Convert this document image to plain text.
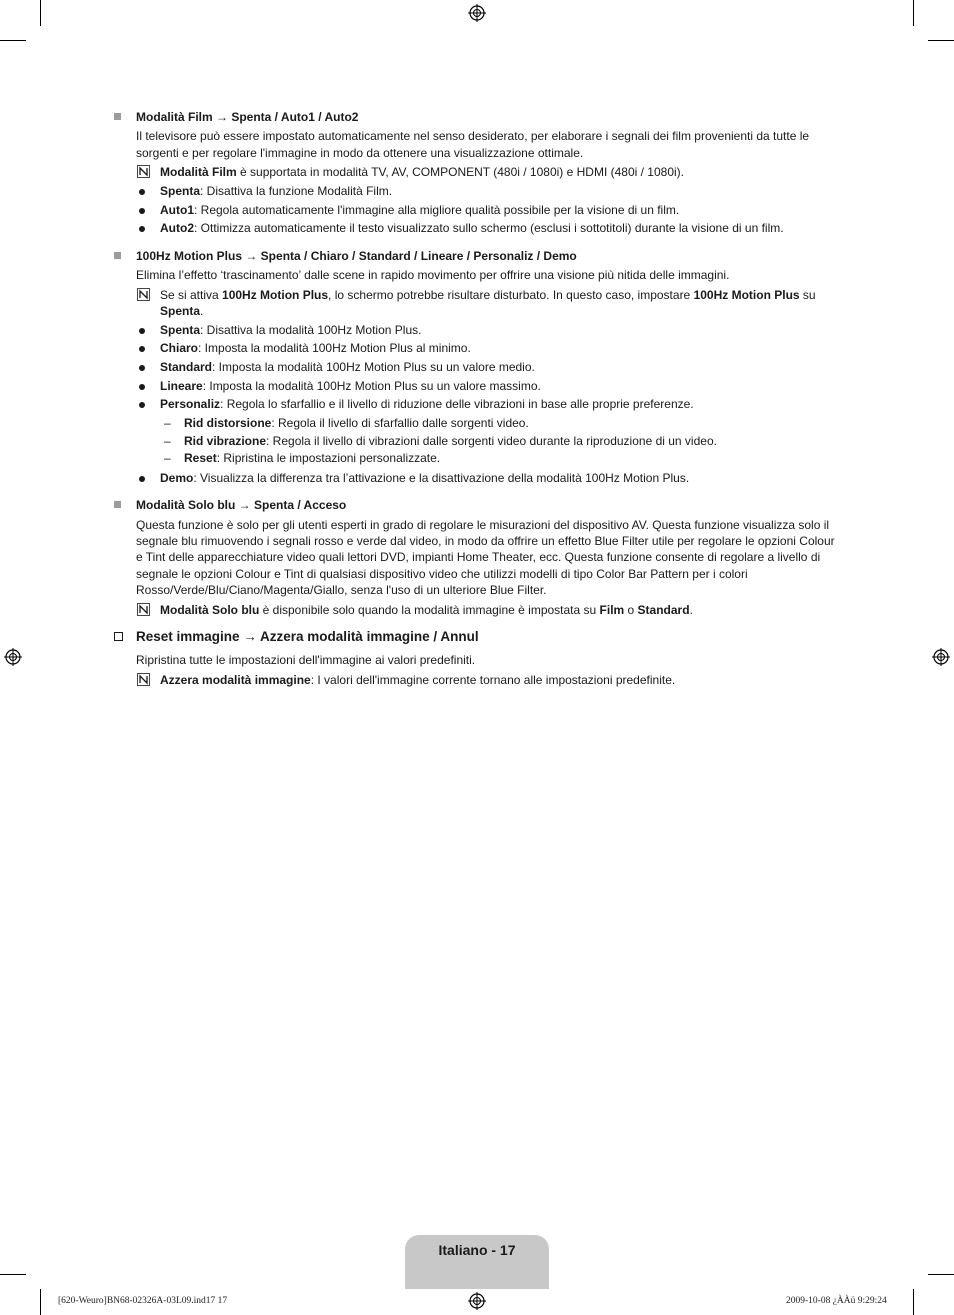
Modalità Film → Spenta / Auto1 / Auto2
Il televisore può essere impostato automaticamente nel senso desiderato, per elaborare i segnali dei film provenienti da tutte le sorgenti e per regolare l'immagine in modo da ottenere una visualizzazione ottimale.
Modalità Film è supportata in modalità TV, AV, COMPONENT (480i / 1080i) e HDMI (480i / 1080i).
Spenta: Disattiva la funzione Modalità Film.
Auto1: Regola automaticamente l'immagine alla migliore qualità possibile per la visione di un film.
Auto2: Ottimizza automaticamente il testo visualizzato sullo schermo (esclusi i sottotitoli) durante la visione di un film.
100Hz Motion Plus → Spenta / Chiaro / Standard / Lineare / Personaliz / Demo
Elimina l’effetto ‘trascinamento’ dalle scene in rapido movimento per offrire una visione più nitida delle immagini.
Se si attiva 100Hz Motion Plus, lo schermo potrebbe risultare disturbato. In questo caso, impostare 100Hz Motion Plus su Spenta.
Spenta: Disattiva la modalità 100Hz Motion Plus.
Chiaro: Imposta la modalità 100Hz Motion Plus al minimo.
Standard: Imposta la modalità 100Hz Motion Plus su un valore medio.
Lineare: Imposta la modalità 100Hz Motion Plus su un valore massimo.
Personaliz: Regola lo sfarfallio e il livello di riduzione delle vibrazioni in base alle proprie preferenze.
– Rid distorsione: Regola il livello di sfarfallio dalle sorgenti video.
– Rid vibrazione: Regola il livello di vibrazioni dalle sorgenti video durante la riproduzione di un video.
– Reset: Ripristina le impostazioni personalizzate.
Demo: Visualizza la differenza tra l’attivazione e la disattivazione della modalità 100Hz Motion Plus.
Modalità Solo blu → Spenta / Acceso
Questa funzione è solo per gli utenti esperti in grado di regolare le misurazioni del dispositivo AV. Questa funzione visualizza solo il segnale blu rimuovendo i segnali rosso e verde dal video, in modo da offrire un effetto Blue Filter utile per regolare le opzioni Colour e Tint delle apparecchiature video quali lettori DVD, impianti Home Theater, ecc. Questa funzione consente di regolare a livello di segnale le opzioni Colour e Tint di qualsiasi dispositivo video che utilizzi modelli di tipo Color Bar Pattern per i colori Rosso/Verde/Blu/Ciano/Magenta/Giallo, senza l'uso di un ulteriore Blue Filter.
Modalità Solo blu è disponibile solo quando la modalità immagine è impostata su Film o Standard.
Reset immagine → Azzera modalità immagine / Annul
Ripristina tutte le impostazioni dell'immagine ai valori predefiniti.
Azzera modalità immagine: I valori dell'immagine corrente tornano alle impostazioni predefinite.
Italiano - 17
[620-Weuro]BN68-02326A-03L09.ind17 17	2009-10-08 ¿ÀÀü 9:29:24
